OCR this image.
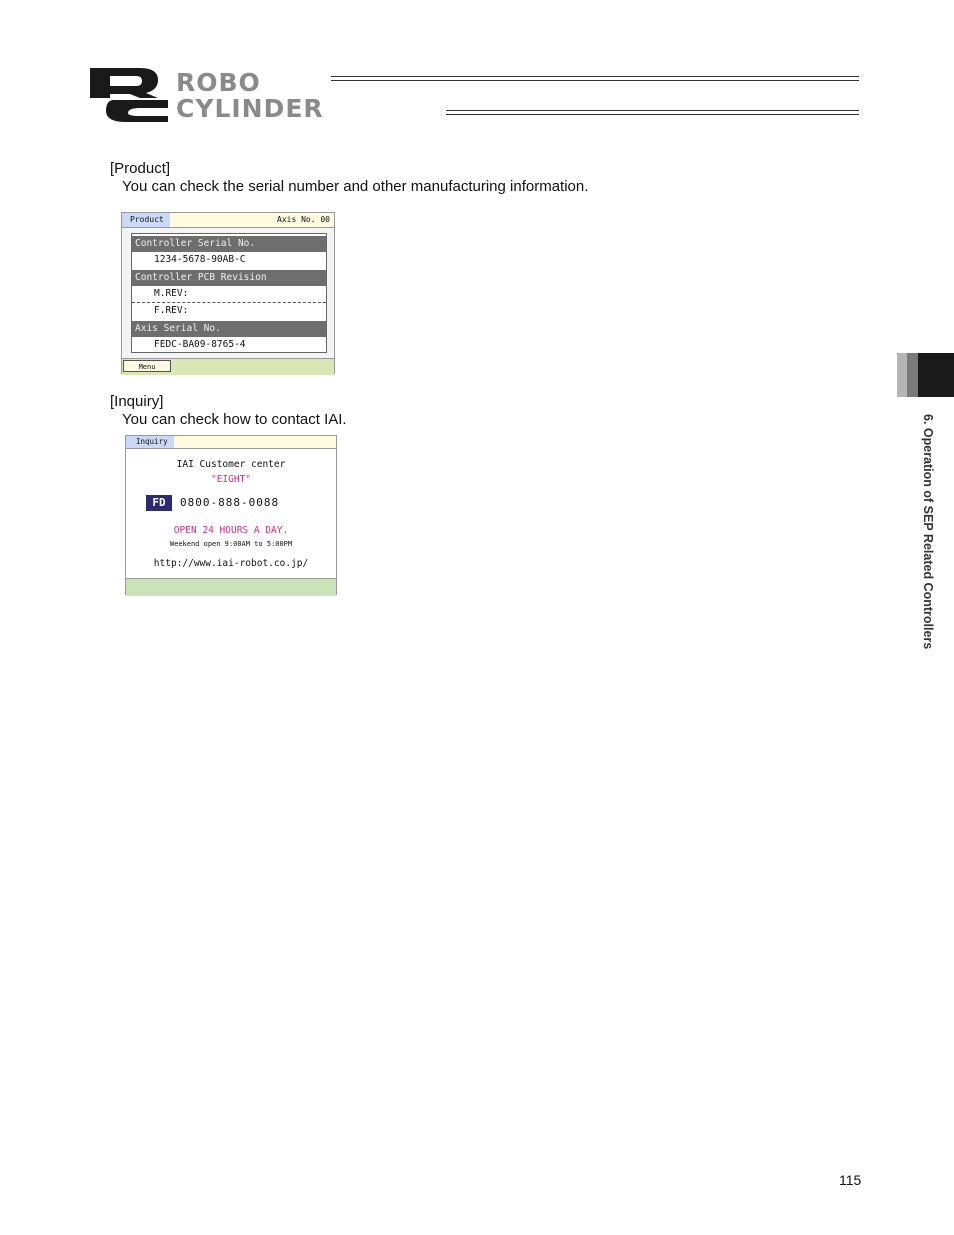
ROBO
CYLINDER
[Product]
You can check the serial number and other manufacturing information.
Product	Axis No. 00
Controller Serial No.
1234-5678-90AB-C
Controller PCB Revision
M.REV:
F.REV:
Axis Serial No.
FEDC-BA09-8765-4
Menu
[Inquiry]
You can check how to contact IAI.
Inquiry
IAI Customer center
"EIGHT"
FD	0800-888-0088
OPEN 24 HOURS A DAY.
Weekend open 9:00AM to 5:00PM
http://www.iai-robot.co.jp/	6. Operation of SEP Related Controllers
115
